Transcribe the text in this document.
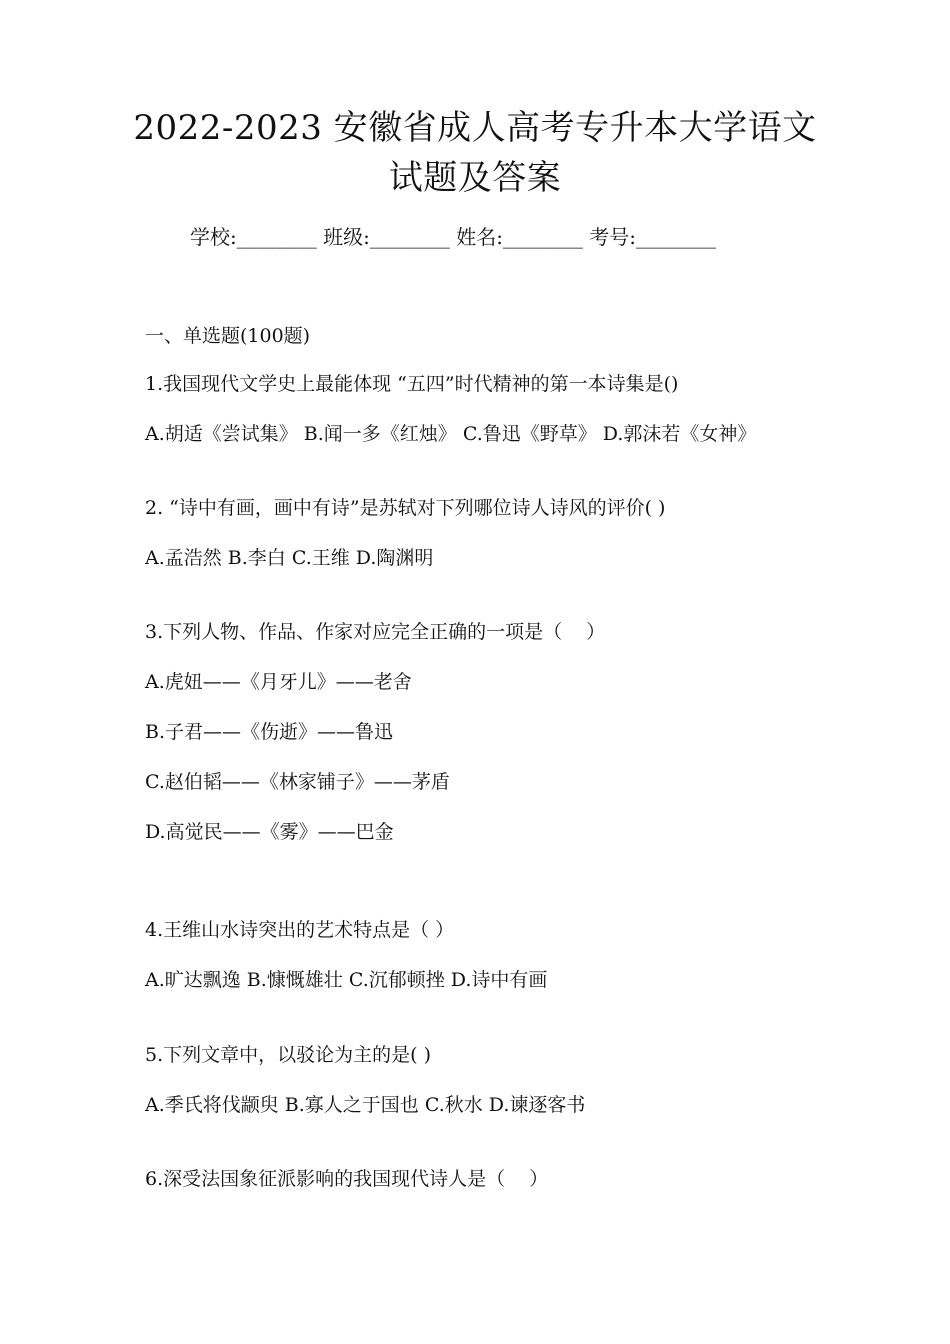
2022-2023 安徽省成人高考专升本大学语文
试题及答案
学校:________ 班级:________ 姓名:________ 考号:________
一、单选题(100题)
1.我国现代文学史上最能体现 “五四”时代精神的第一本诗集是()
A.胡适《尝试集》 B.闻一多《红烛》 C.鲁迅《野草》 D.郭沫若《女神》
2. “诗中有画，画中有诗”是苏轼对下列哪位诗人诗风的评价( )
A.孟浩然 B.李白 C.王维 D.陶渊明
3.下列人物、作品、作家对应完全正确的一项是（    ）
A.虎妞——《月牙儿》——老舍
B.子君——《伤逝》——鲁迅
C.赵伯韬——《林家铺子》——茅盾
D.高觉民——《雾》——巴金
4.王维山水诗突出的艺术特点是（ ）
A.旷达飘逸 B.慷慨雄壮 C.沉郁顿挫 D.诗中有画
5.下列文章中，以驳论为主的是( )
A.季氏将伐颛臾 B.寡人之于国也 C.秋水 D.谏逐客书
6.深受法国象征派影响的我国现代诗人是（    ）
